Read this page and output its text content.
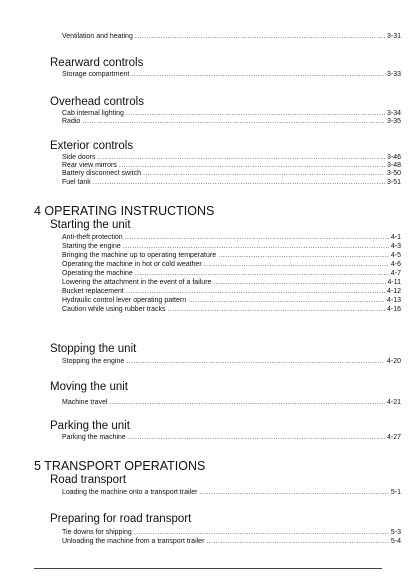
Ventilation and heating .....	3-31
Rearward controls
Storage compartment .....	3-33
Overhead controls
Cab internal lighting .....	3-34
Radio .....	3-35
Exterior controls
Side doors .....	3-46
Rear view mirrors .....	3-48
Battery disconnect switch .....	3-50
Fuel tank .....	3-51
4 OPERATING INSTRUCTIONS
Starting the unit
Anti-theft protection .....	4-1
Starting the engine .....	4-3
Bringing the machine up to operating temperature .....	4-5
Operating the machine in hot or cold weather .....	4-6
Operating the machine .....	4-7
Lowering the attachment in the event of a failure .....	4-11
Bucket replacement .....	4-12
Hydraulic control lever operating pattern .....	4-13
Caution while using rubber tracks .....	4-16
Stopping the unit
Stopping the engine .....	4-20
Moving the unit
Machine travel .....	4-21
Parking the unit
Parking the machine .....	4-27
5 TRANSPORT OPERATIONS
Road transport
Loading the machine onto a transport trailer .....	5-1
Preparing for road transport
Tie downs for shipping .....	5-3
Unloading the machine from a transport trailer .....	5-4
